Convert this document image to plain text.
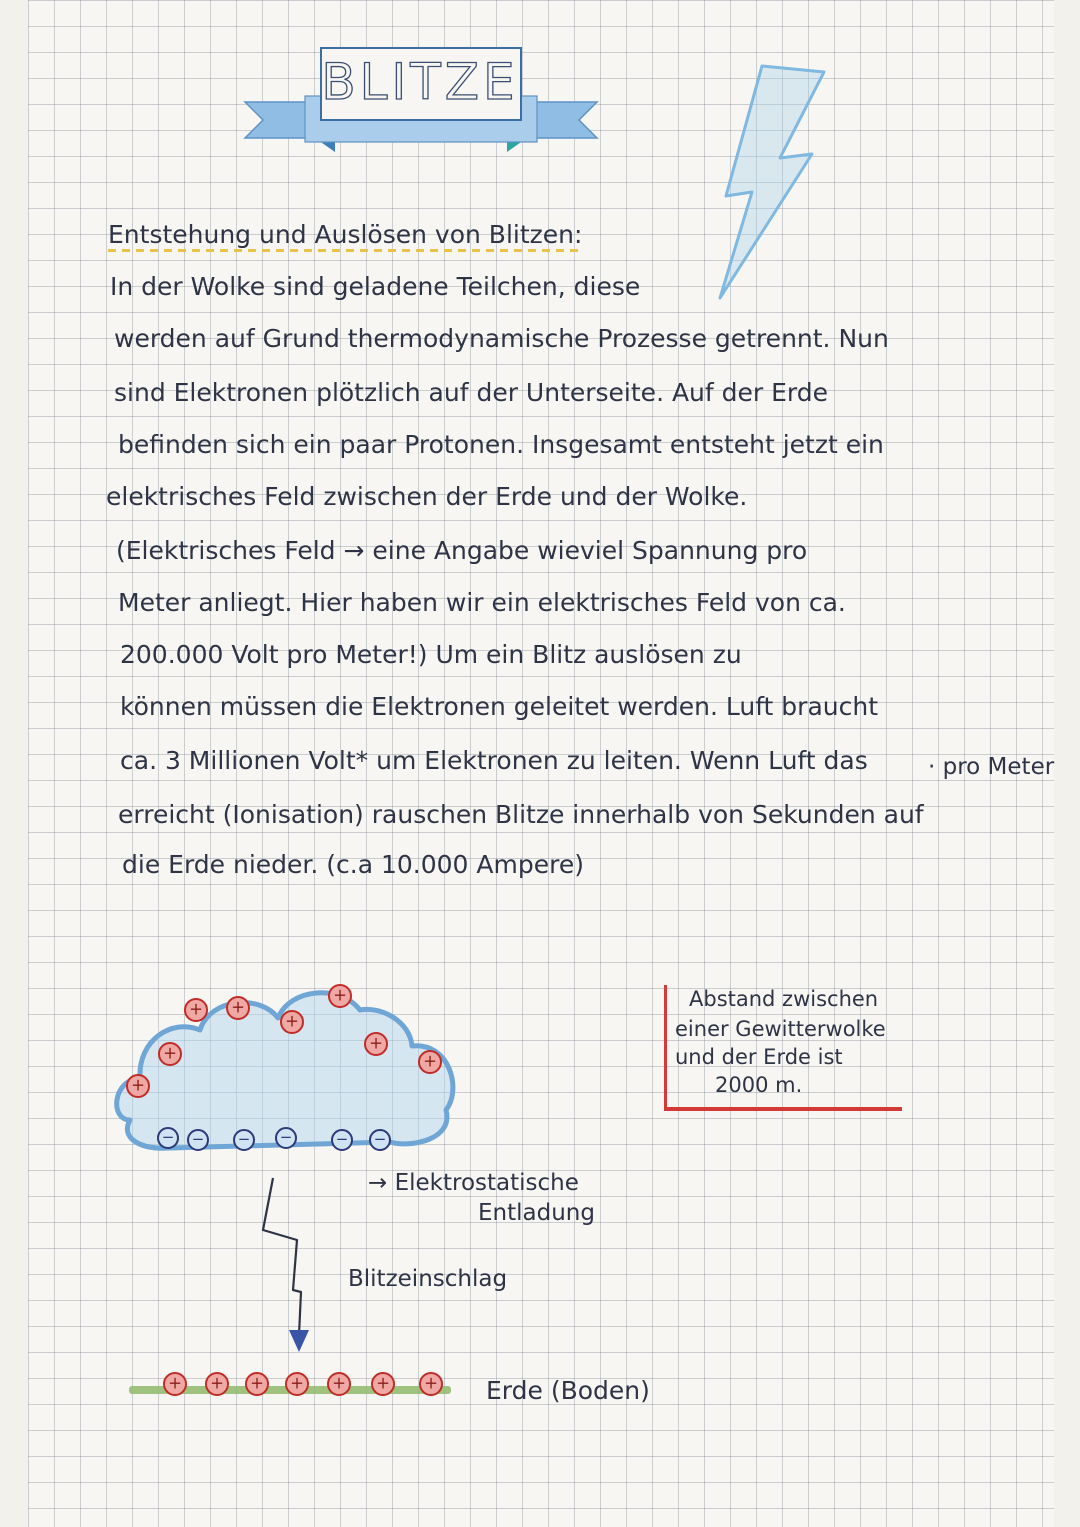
BLITZE
Entstehung und Auslösen von Blitzen:
In der Wolke sind geladene Teilchen, diese
werden auf Grund thermodynamische Prozesse getrennt. Nun
sind Elektronen plötzlich auf der Unterseite. Auf der Erde
befinden sich ein paar Protonen. Insgesamt entsteht jetzt ein
elektrisches Feld zwischen der Erde und der Wolke.
(Elektrisches Feld → eine Angabe wieviel Spannung pro
Meter anliegt. Hier haben wir ein elektrisches Feld von ca.
200.000 Volt pro Meter!) Um ein Blitz auslösen zu
können müssen die Elektronen geleitet werden. Luft braucht
ca. 3 Millionen Volt* um Elektronen zu leiten. Wenn Luft das
erreicht (Ionisation) rauschen Blitze innerhalb von Sekunden auf
die Erde nieder. (c.a 10.000 Ampere)
· pro Meter
+ +
+
+
+
+
+
+
− − − −	− −
+ + + + + + +
→ Elektrostatische
Entladung
Blitzeinschlag
Erde (Boden)
Abstand zwischen
einer Gewitterwolke
und der Erde ist
2000 m.
